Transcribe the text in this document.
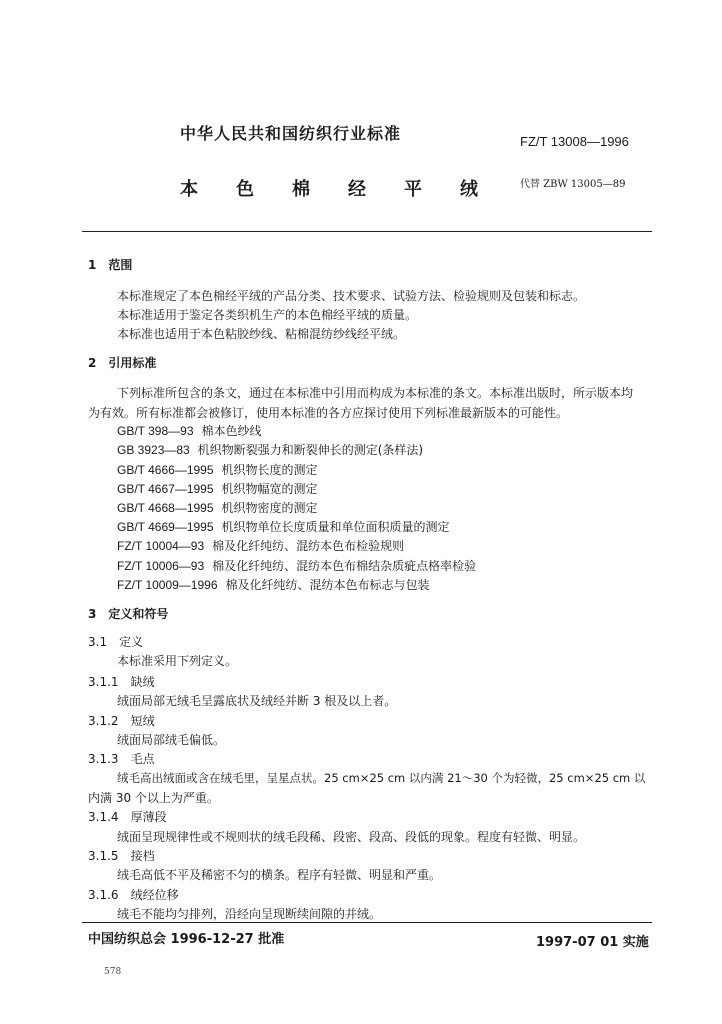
中华人民共和国纺织行业标准	FZ/T 13008—1996
本 色 棉 经 平 绒	代替 ZBW 13005—89
1　范围
本标准规定了本色棉经平绒的产品分类、技术要求、试验方法、检验规则及包装和标志。
本标准适用于鉴定各类织机生产的本色棉经平绒的质量。
本标准也适用于本色粘胶纱线、粘棉混纺纱线经平绒。
2　引用标准
下列标准所包含的条文，通过在本标准中引用而构成为本标准的条文。本标准出版时，所示版本均
为有效。所有标准都会被修订，使用本标准的各方应探讨使用下列标准最新版本的可能性。
GB/T 398—93 棉本色纱线
GB 3923—83 机织物断裂强力和断裂伸长的测定(条样法)
GB/T 4666—1995 机织物长度的测定
GB/T 4667—1995 机织物幅宽的测定
GB/T 4668—1995 机织物密度的测定
GB/T 4669—1995 机织物单位长度质量和单位面积质量的测定
FZ/T 10004—93 棉及化纤纯纺、混纺本色布检验规则
FZ/T 10006—93 棉及化纤纯纺、混纺本色布棉结杂质疵点格率检验
FZ/T 10009—1996 棉及化纤纯纺、混纺本色布标志与包装
3　定义和符号
3.1　定义
本标准采用下列定义。
3.1.1　 缺绒
绒面局部无绒毛呈露底状及绒经并断 3 根及以上者。
3.1.2　 短绒
绒面局部绒毛偏低。
3.1.3　 毛点
绒毛高出绒面或含在绒毛里，呈星点状。25 cm×25 cm 以内满 21～30 个为轻微，25 cm×25 cm 以
内满 30 个以上为严重。
3.1.4　 厚薄段
绒面呈现规律性或不规则状的绒毛段稀、段密、段高、段低的现象。程度有轻微、明显。
3.1.5　 接档
绒毛高低不平及稀密不匀的横条。程序有轻微、明显和严重。
3.1.6　 绒经位移
绒毛不能均匀排列，沿经向呈现断续间隙的并绒。
中国纺织总会 1996-12-27 批准	1997-07 01 实施
578
